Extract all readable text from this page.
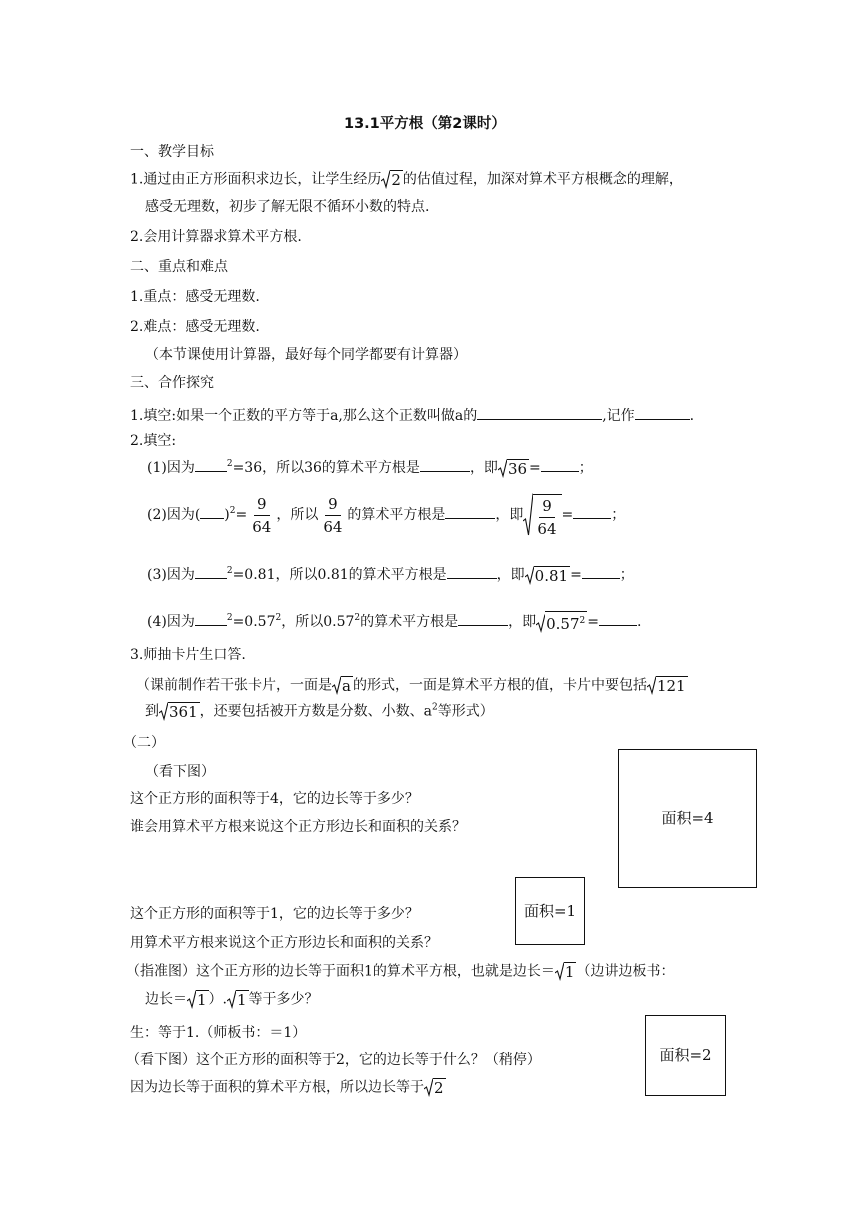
13.1平方根（第2课时）
一、教学目标
1.通过由正方形面积求边长，让学生经历 2 的估值过程，加深对算术平方根概念的理解，
感受无理数，初步了解无限不循环小数的特点.
2.会用计算器求算术平方根.
二、重点和难点
1.重点：感受无理数.
2.难点：感受无理数.
（本节课使用计算器，最好每个同学都要有计算器）
三、合作探究
1.填空:如果一个正数的平方等于a,那么这个正数叫做a的	,记作	.
2.填空:
(1)因为	$^2$=36，所以36的算术平方根是	，即 36 =	；
(2)因为( )$^2= \frac{9}{64}$ ，所以 $\frac{9}{64}$ 的算术平方根是	，即 $\frac{9}{64}$ =	；
(3)因为	$^2$=0.81，所以0.81的算术平方根是	，即 0.81 =	；
(4)因为	$^2=0.57^2$，所以0.57$^2$的算术平方根是	，即 $0.57^2$ =	.
3.师抽卡片生口答.
（课前制作若干张卡片，一面是 a 的形式，一面是算术平方根的值，卡片中要包括 121
到 361 ，还要包括被开方数是分数、小数、$a^2$等形式）
（二）
（看下图）
这个正方形的面积等于4，它的边长等于多少？
谁会用算术平方根来说这个正方形边长和面积的关系？	面积=4
面积=1
面积=2
这个正方形的面积等于1，它的边长等于多少？
用算术平方根来说这个正方形边长和面积的关系？
（指准图）这个正方形的边长等于面积1的算术平方根，也就是边长＝ 1 （边讲边板书：
边长＝ 1 ）. 1 等于多少？
生：等于1.（师板书：＝1）
（看下图）这个正方形的面积等于2，它的边长等于什么？（稍停）
因为边长等于面积的算术平方根，所以边长等于 2
